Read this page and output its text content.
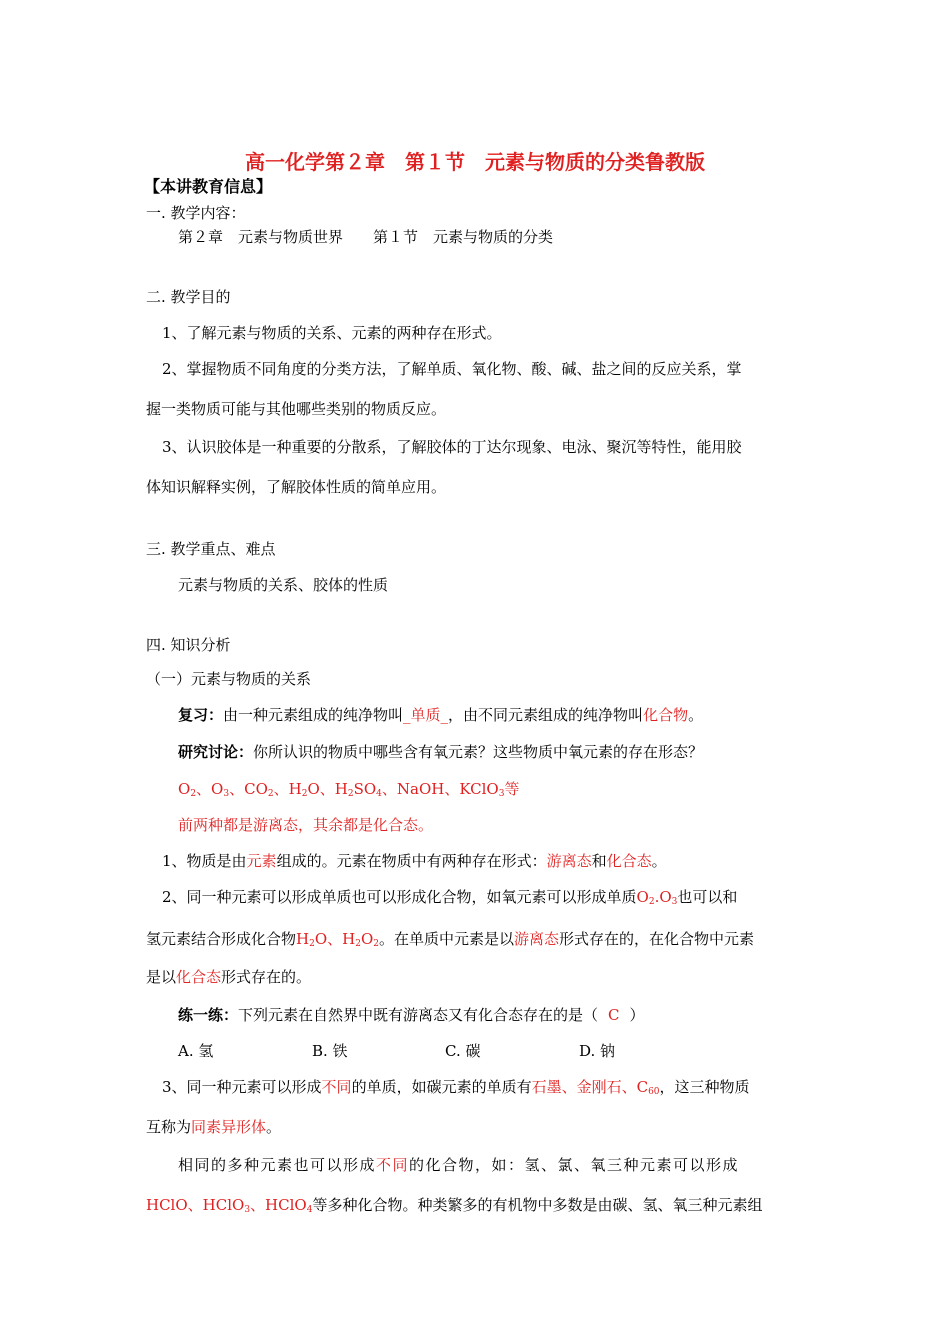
高一化学第２章　第１节　元素与物质的分类鲁教版
【本讲教育信息】
一. 教学内容：
第２章　元素与物质世界　　第１节　元素与物质的分类
二. 教学目的
1、了解元素与物质的关系、元素的两种存在形式。
2、掌握物质不同角度的分类方法，了解单质、氧化物、酸、碱、盐之间的反应关系，掌
握一类物质可能与其他哪些类别的物质反应。
3、认识胶体是一种重要的分散系，了解胶体的丁达尔现象、电泳、聚沉等特性，能用胶
体知识解释实例，了解胶体性质的简单应用。
三. 教学重点、难点
元素与物质的关系、胶体的性质
四. 知识分析
（一）元素与物质的关系
复习：由一种元素组成的纯净物叫_单质_，由不同元素组成的纯净物叫化合物。
研究讨论：你所认识的物质中哪些含有氧元素？这些物质中氧元素的存在形态？
$O_2$、$O_3$、$CO_2$、$H_2O$、$H_2SO_4$、NaOH、KClO$_3$等
前两种都是游离态，其余都是化合态。
1、物质是由元素组成的。元素在物质中有两种存在形式：游离态和化合态。
2、同一种元素可以形成单质也可以形成化合物，如氧元素可以形成单质$O_2.O_3$也可以和
氢元素结合形成化合物$H_2O$、$H_2O_2$。在单质中元素是以游离态形式存在的，在化合物中元素
是以化合态形式存在的。
练一练：下列元素在自然界中既有游离态又有化合态存在的是（ C ）
A. 氢	B. 铁	C. 碳	D. 钠
3、同一种元素可以形成不同的单质，如碳元素的单质有石墨、金刚石、$C_{60}$，这三种物质
互称为同素异形体。
相同的多种元素也可以形成不同的化合物，如：氢、氯、氧三种元素可以形成
HClO、HClO$_3$、HClO$_4$等多种化合物。种类繁多的有机物中多数是由碳、氢、氧三种元素组
